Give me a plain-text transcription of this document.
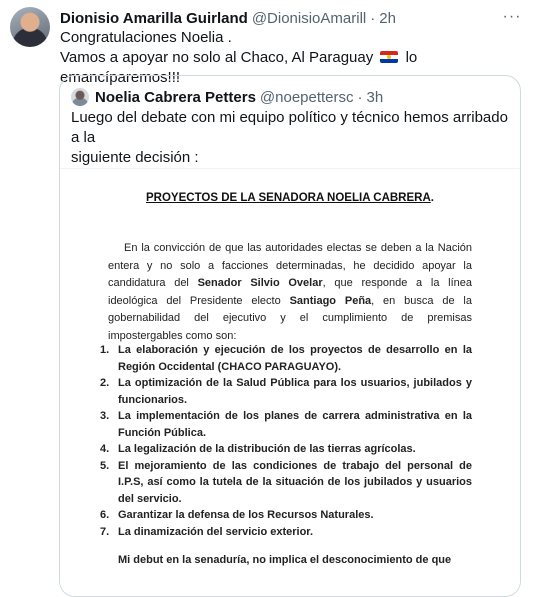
Dionisio Amarilla Guirland @DionisioAmarill · 2h	···
Congratulaciones Noelia .
Vamos a apoyar no solo al Chaco, Al Paraguay lo emancíparemos!!!
Noelia Cabrera Petters @noepettersc · 3h
Luego del debate con mi equipo político y técnico hemos arribado a la
siguiente decisión :
PROYECTOS DE LA SENADORA NOELIA CABRERA.
En la convicción de que las autoridades electas se deben a la Nación entera y no solo a facciones determinadas, he decidido apoyar la candidatura del Senador Silvio Ovelar, que responde a la línea ideológica del Presidente electo Santiago Peña, en busca de la gobernabilidad del ejecutivo y el cumplimiento de premisas impostergables como son:
1. La elaboración y ejecución de los proyectos de desarrollo en la Región Occidental (CHACO PARAGUAYO).
2. La optimización de la Salud Pública para los usuarios, jubilados y funcionarios.
3. La implementación de los planes de carrera administrativa en la Función Pública.
4. La legalización de la distribución de las tierras agrícolas.
5. El mejoramiento de las condiciones de trabajo del personal de I.P.S, así como la tutela de la situación de los jubilados y usuarios del servicio.
6. Garantizar la defensa de los Recursos Naturales.
7. La dinamización del servicio exterior.
Mi debut en la senaduría, no implica el desconocimiento de que
